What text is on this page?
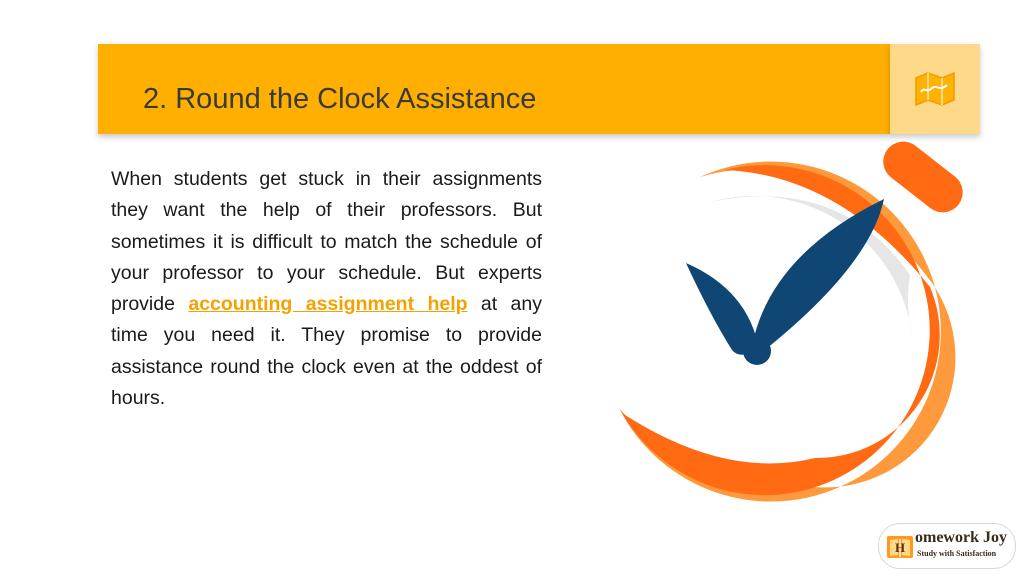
2. Round the Clock Assistance

When students get stuck in their assignments they want the help of their professors. But sometimes it is difficult to match the schedule of your professor to your schedule. But experts provide accounting assignment help at any time you need it. They promise to provide assistance round the clock even at the oddest of hours.

H
omework Joy
Study with Satisfaction
